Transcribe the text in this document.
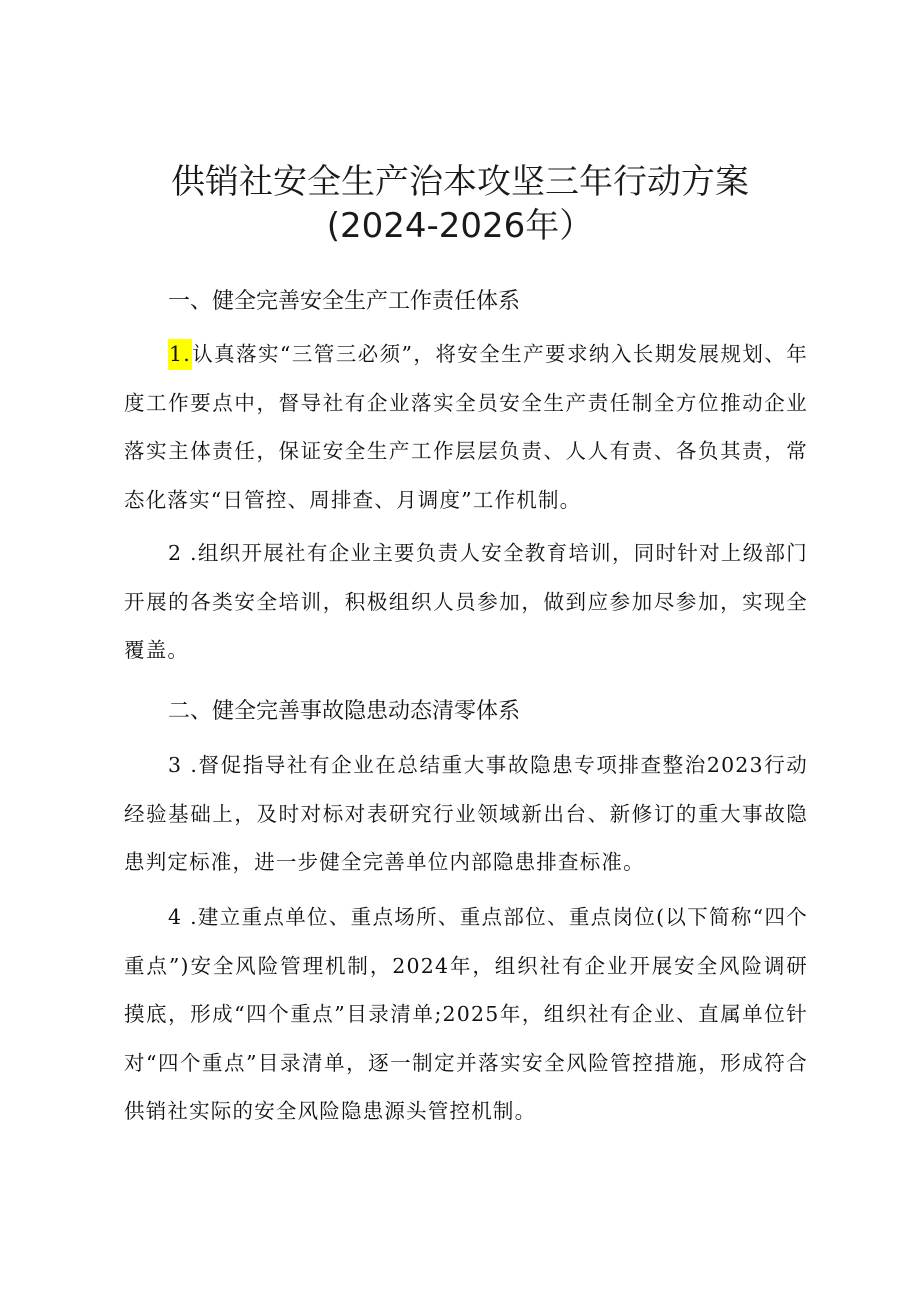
供销社安全生产治本攻坚三年行动方案
(2024-2026年）
一、健全完善安全生产工作责任体系

1.认真落实“三管三必须”，将安全生产要求纳入长期发展规划、年度工作要点中，督导社有企业落实全员安全生产责任制全方位推动企业落实主体责任，保证安全生产工作层层负责、人人有责、各负其责，常态化落实“日管控、周排查、月调度”工作机制。

2 .组织开展社有企业主要负责人安全教育培训，同时针对上级部门开展的各类安全培训，积极组织人员参加，做到应参加尽参加，实现全覆盖。

二、健全完善事故隐患动态清零体系

3 .督促指导社有企业在总结重大事故隐患专项排查整治2023行动经验基础上，及时对标对表研究行业领域新出台、新修订的重大事故隐患判定标准，进一步健全完善单位内部隐患排查标准。

4 .建立重点单位、重点场所、重点部位、重点岗位(以下简称“四个重点”)安全风险管理机制，2024年，组织社有企业开展安全风险调研摸底，形成“四个重点”目录清单;2025年，组织社有企业、直属单位针对“四个重点”目录清单，逐一制定并落实安全风险管控措施，形成符合供销社实际的安全风险隐患源头管控机制。
